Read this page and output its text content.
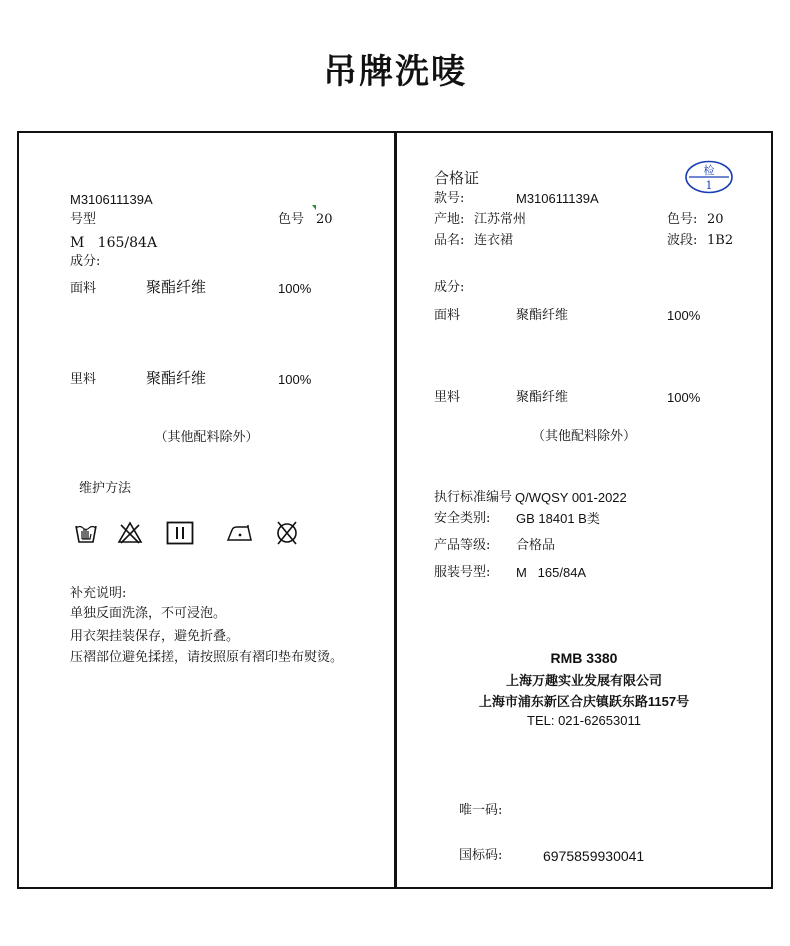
吊牌洗唛
M310611139A
号型	色号 20
M   165/84A
成分:
面料	聚酯纤维	100%
里料	聚酯纤维	100%
（其他配料除外）
维护方法
补充说明:
单独反面洗涤，不可浸泡。
用衣架挂装保存，避免折叠。
压褶部位避免揉搓，请按照原有褶印垫布熨烫。
检
1
合格证
款号:	M310611139A
产地: 江苏常州	色号: 20
品名: 连衣裙	波段: 1B2
成分:
面料	聚酯纤维	100%
里料	聚酯纤维	100%
（其他配料除外）
执行标准编号 Q/WQSY 001-2022
安全类别: GB 18401 B类
产品等级: 合格品
服装号型: M   165/84A
RMB 3380
上海万趣实业发展有限公司
上海市浦东新区合庆镇跃东路1157号
TEL: 021-62653011
唯一码:
国标码:	6975859930041
